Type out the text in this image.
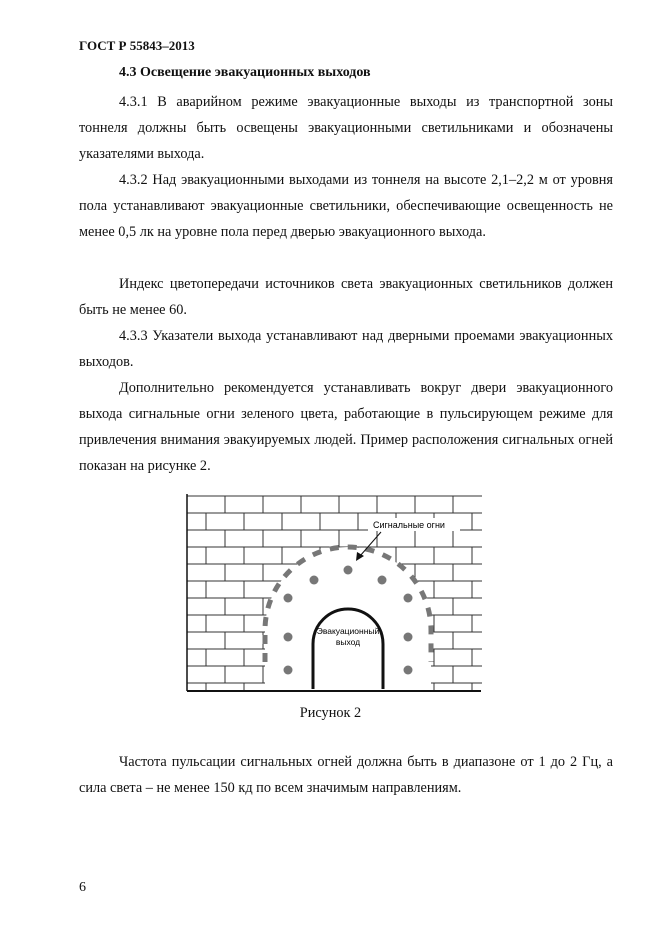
ГОСТ Р 55843–2013
4.3 Освещение эвакуационных выходов

4.3.1 В аварийном режиме эвакуационные выходы из транспортной зоны тоннеля должны быть освещены эвакуационными светильниками и обозначены указателями выхода.

4.3.2 Над эвакуационными выходами из тоннеля на высоте 2,1–2,2 м от уровня пола устанавливают эвакуационные светильники, обеспечивающие освещенность не менее 0,5 лк на уровне пола перед дверью эвакуационного выхода.

Индекс цветопередачи источников света эвакуационных светильников должен быть не менее 60.

4.3.3 Указатели выхода устанавливают над дверными проемами эвакуационных выходов.

Дополнительно рекомендуется устанавливать вокруг двери эвакуационного выхода сигнальные огни зеленого цвета, работающие в пульсирующем режиме для привлечения внимания эвакуируемых людей. Пример расположения сигнальных огней показан на рисунке 2.

Сигнальные огни
Эвакуационный
выход
Рисунок 2

Частота пульсации сигнальных огней должна быть в диапазоне от 1 до 2 Гц, а сила света – не менее 150 кд по всем значимым направлениям.

6
